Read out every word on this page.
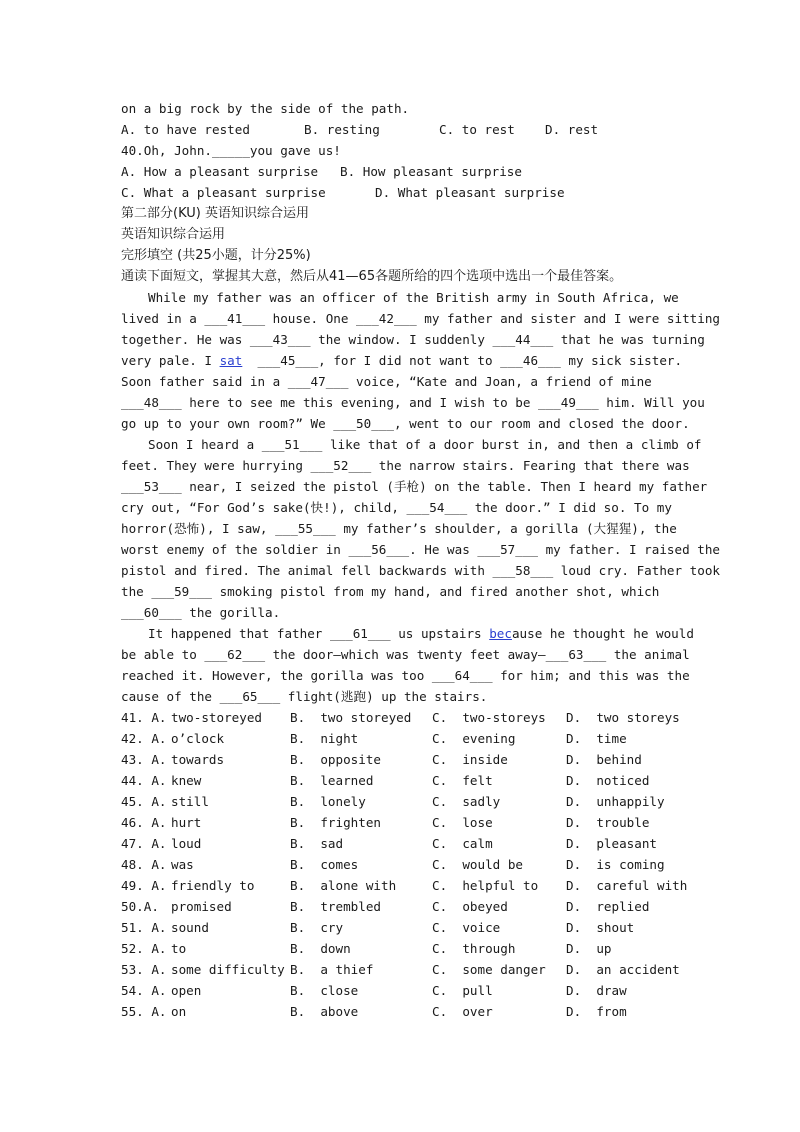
on a big rock by the side of the path.
A. to have rested	B. resting	C. to rest D. rest
40.Oh, John._____you gave us!
A. How a pleasant surprise B. How pleasant surprise
C. What a pleasant surprise	D. What pleasant surprise
第二部分(KU) 英语知识综合运用
英语知识综合运用
完形填空 (共25小题，计分25%)
通读下面短文，掌握其大意，然后从41—65各题所给的四个选项中选出一个最佳答案。
While my father was an officer of the British army in South Africa, we
lived in a ___41___ house. One ___42___ my father and sister and I were sitting
together. He was ___43___ the window. I suddenly ___44___ that he was turning
very pale. I sat  ___45___, for I did not want to ___46___ my sick sister.
Soon father said in a ___47___ voice, “Kate and Joan, a friend of mine
___48___ here to see me this evening, and I wish to be ___49___ him. Will you
go up to your own room?” We ___50___, went to our room and closed the door.
Soon I heard a ___51___ like that of a door burst in, and then a climb of
feet. They were hurrying ___52___ the narrow stairs. Fearing that there was
___53___ near, I seized the pistol (手枪) on the table. Then I heard my father
cry out, “For God’s sake(快!), child, ___54___ the door.” I did so. To my
horror(恐怖), I saw, ___55___ my father’s shoulder, a gorilla (大猩猩), the
worst enemy of the soldier in ___56___. He was ___57___ my father. I raised the
pistol and fired. The animal fell backwards with ___58___ loud cry. Father took
the ___59___ smoking pistol from my hand, and fired another shot, which
___60___ the gorilla.
It happened that father ___61___ us upstairs because he thought he would
be able to ___62___ the door—which was twenty feet away—___63___ the animal
reached it. However, the gorilla was too ___64___ for him; and this was the
cause of the ___65___ flight(逃跑) up the stairs.
41. A. two-storeyed B.  two storeyed C.  two-storeys D.  two storeys
42. A. o’clock	B.  night	C.  evening	D.  time
43. A. towards	B.  opposite	C.  inside	D.  behind
44. A. knew	B.  learned	C.  felt	D.  noticed
45. A. still	B.  lonely	C.  sadly	D.  unhappily
46. A. hurt	B.  frighten	C.  lose	D.  trouble
47. A. loud	B.  sad	C.  calm	D.  pleasant
48. A. was	B.  comes	C.  would be	D.  is coming
49. A. friendly to	B.  alone with	C.  helpful to D.  careful with
50.A. promised	B.  trembled	C.  obeyed	D.  replied
51. A. sound	B.  cry	C.  voice	D.  shout
52. A. to	B.  down	C.  through	D.  up
53. A. some difficulty B.  a thief	C.  some danger D.  an accident
54. A. open	B.  close	C.  pull	D.  draw
55. A. on	B.  above	C.  over	D.  from
